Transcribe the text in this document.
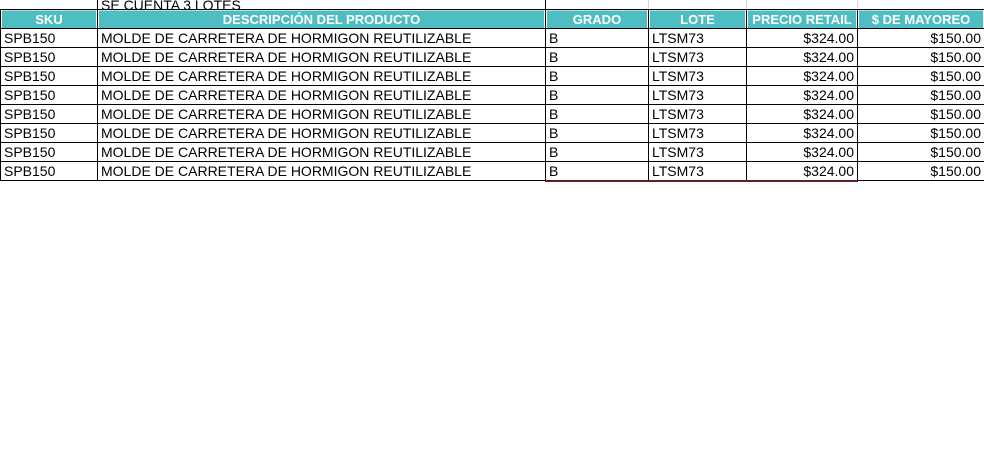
SE CUENTA 3 LOTES
SKU	DESCRIPCIÓN DEL PRODUCTO	GRADO	LOTE	PRECIO RETAIL	$ DE MAYOREO
SPB150	MOLDE DE CARRETERA DE HORMIGON REUTILIZABLE	B	LTSM73	$324.00	$150.00
SPB150	MOLDE DE CARRETERA DE HORMIGON REUTILIZABLE	B	LTSM73	$324.00	$150.00
SPB150	MOLDE DE CARRETERA DE HORMIGON REUTILIZABLE	B	LTSM73	$324.00	$150.00
SPB150	MOLDE DE CARRETERA DE HORMIGON REUTILIZABLE	B	LTSM73	$324.00	$150.00
SPB150	MOLDE DE CARRETERA DE HORMIGON REUTILIZABLE	B	LTSM73	$324.00	$150.00
SPB150	MOLDE DE CARRETERA DE HORMIGON REUTILIZABLE	B	LTSM73	$324.00	$150.00
SPB150	MOLDE DE CARRETERA DE HORMIGON REUTILIZABLE	B	LTSM73	$324.00	$150.00
SPB150	MOLDE DE CARRETERA DE HORMIGON REUTILIZABLE	B	LTSM73	$324.00	$150.00
